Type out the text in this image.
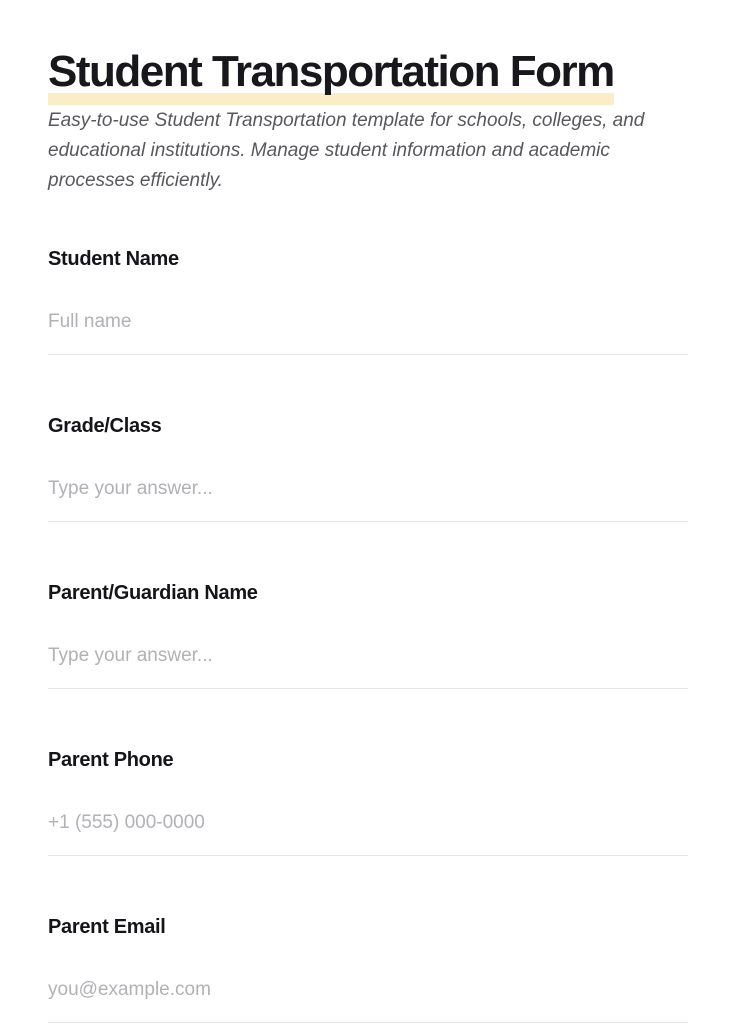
Student Transportation Form

Easy-to-use Student Transportation template for schools, colleges, and educational institutions. Manage student information and academic processes efficiently.

Student Name
Full name
Grade/Class
Type your answer...
Parent/Guardian Name
Type your answer...
Parent Phone
+1 (555) 000-0000
Parent Email
you@example.com
